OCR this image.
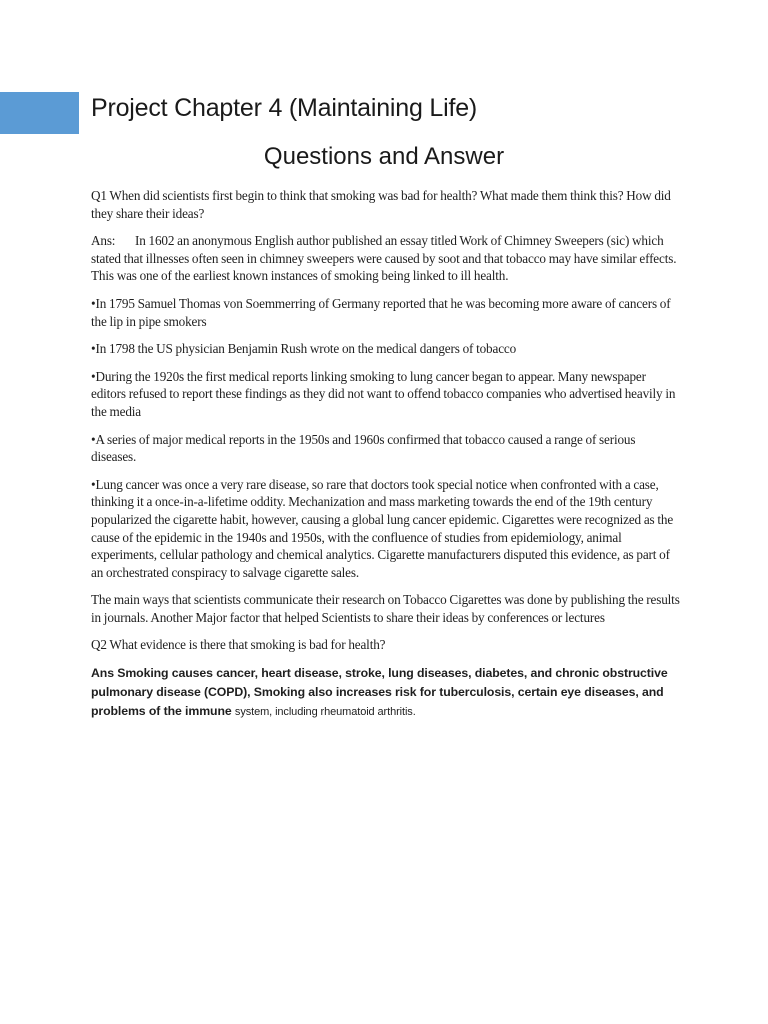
Project Chapter 4 (Maintaining Life)
Questions and Answer

Q1 When did scientists first begin to think that smoking was bad for health? What made them think this? How did they share their ideas?

Ans: In 1602 an anonymous English author published an essay titled Work of Chimney Sweepers (sic) which stated that illnesses often seen in chimney sweepers were caused by soot and that tobacco may have similar effects. This was one of the earliest known instances of smoking being linked to ill health.

•In 1795 Samuel Thomas von Soemmerring of Germany reported that he was becoming more aware of cancers of the lip in pipe smokers

•In 1798 the US physician Benjamin Rush wrote on the medical dangers of tobacco

•During the 1920s the first medical reports linking smoking to lung cancer began to appear. Many newspaper editors refused to report these findings as they did not want to offend tobacco companies who advertised heavily in the media

•A series of major medical reports in the 1950s and 1960s confirmed that tobacco caused a range of serious diseases.

•Lung cancer was once a very rare disease, so rare that doctors took special notice when confronted with a case, thinking it a once-in-a-lifetime oddity. Mechanization and mass marketing towards the end of the 19th century popularized the cigarette habit, however, causing a global lung cancer epidemic. Cigarettes were recognized as the cause of the epidemic in the 1940s and 1950s, with the confluence of studies from epidemiology, animal experiments, cellular pathology and chemical analytics. Cigarette manufacturers disputed this evidence, as part of an orchestrated conspiracy to salvage cigarette sales.

The main ways that scientists communicate their research on Tobacco Cigarettes was done by publishing the results in journals. Another Major factor that helped Scientists to share their ideas by conferences or lectures

Q2 What evidence is there that smoking is bad for health?

Ans Smoking causes cancer, heart disease, stroke, lung diseases, diabetes, and chronic obstructive pulmonary disease (COPD), Smoking also increases risk for tuberculosis, certain eye diseases, and problems of the immune system, including rheumatoid arthritis.
